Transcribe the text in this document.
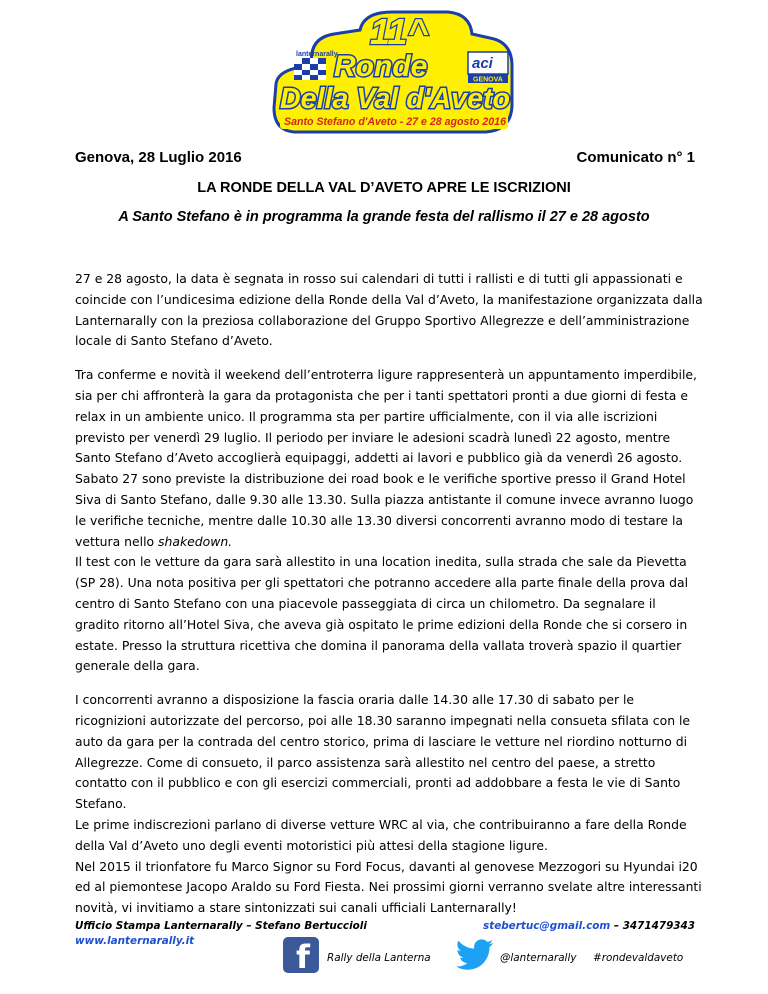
lanternarally
aci
GENOVA
11^
Ronde
Della Val d'Aveto
Santo Stefano d'Aveto - 27 e 28 agosto 2016
Genova, 28 Luglio 2016	Comunicato n° 1
LA RONDE DELLA VAL D’AVETO APRE LE ISCRIZIONI
A Santo Stefano è in programma la grande festa del rallismo il 27 e 28 agosto

27 e 28 agosto, la data è segnata in rosso sui calendari di tutti i rallisti e di tutti gli appassionati e coincide con l’undicesima edizione della Ronde della Val d’Aveto, la manifestazione organizzata dalla Lanternarally con la preziosa collaborazione del Gruppo Sportivo Allegrezze e dell’amministrazione locale di Santo Stefano d’Aveto.

Tra conferme e novità il weekend dell’entroterra ligure rappresenterà un appuntamento imperdibile, sia per chi affronterà la gara da protagonista che per i tanti spettatori pronti a due giorni di festa e relax in un ambiente unico. Il programma sta per partire ufficialmente, con il via alle iscrizioni previsto per venerdì 29 luglio. Il periodo per inviare le adesioni scadrà lunedì 22 agosto, mentre Santo Stefano d’Aveto accoglierà equipaggi, addetti ai lavori e pubblico già da venerdì 26 agosto. Sabato 27 sono previste la distribuzione dei road book e le verifiche sportive presso il Grand Hotel Siva di Santo Stefano, dalle 9.30 alle 13.30. Sulla piazza antistante il comune invece avranno luogo le verifiche tecniche, mentre dalle 10.30 alle 13.30 diversi concorrenti avranno modo di testare la vettura nello shakedown.

Il test con le vetture da gara sarà allestito in una location inedita, sulla strada che sale da Pievetta (SP 28). Una nota positiva per gli spettatori che potranno accedere alla parte finale della prova dal centro di Santo Stefano con una piacevole passeggiata di circa un chilometro. Da segnalare il gradito ritorno all’Hotel Siva, che aveva già ospitato le prime edizioni della Ronde che si corsero in estate. Presso la struttura ricettiva che domina il panorama della vallata troverà spazio il quartier generale della gara.

I concorrenti avranno a disposizione la fascia oraria dalle 14.30 alle 17.30 di sabato per le ricognizioni autorizzate del percorso, poi alle 18.30 saranno impegnati nella consueta sfilata con le auto da gara per la contrada del centro storico, prima di lasciare le vetture nel riordino notturno di Allegrezze. Come di consueto, il parco assistenza sarà allestito nel centro del paese, a stretto contatto con il pubblico e con gli esercizi commerciali, pronti ad addobbare a festa le vie di Santo Stefano.

Le prime indiscrezioni parlano di diverse vetture WRC al via, che contribuiranno a fare della Ronde della Val d’Aveto uno degli eventi motoristici più attesi della stagione ligure.

Nel 2015 il trionfatore fu Marco Signor su Ford Focus, davanti al genovese Mezzogori su Hyundai i20 ed al piemontese Jacopo Araldo su Ford Fiesta. Nei prossimi giorni verranno svelate altre interessanti novità, vi invitiamo a stare sintonizzati sui canali ufficiali Lanternarally!

Ufficio Stampa Lanternarally – Stefano Bertuccioli
www.lanternarally.it
stebertuc@gmail.com – 3471479343
f Rally della Lanterna	@lanternarally #rondevaldaveto
